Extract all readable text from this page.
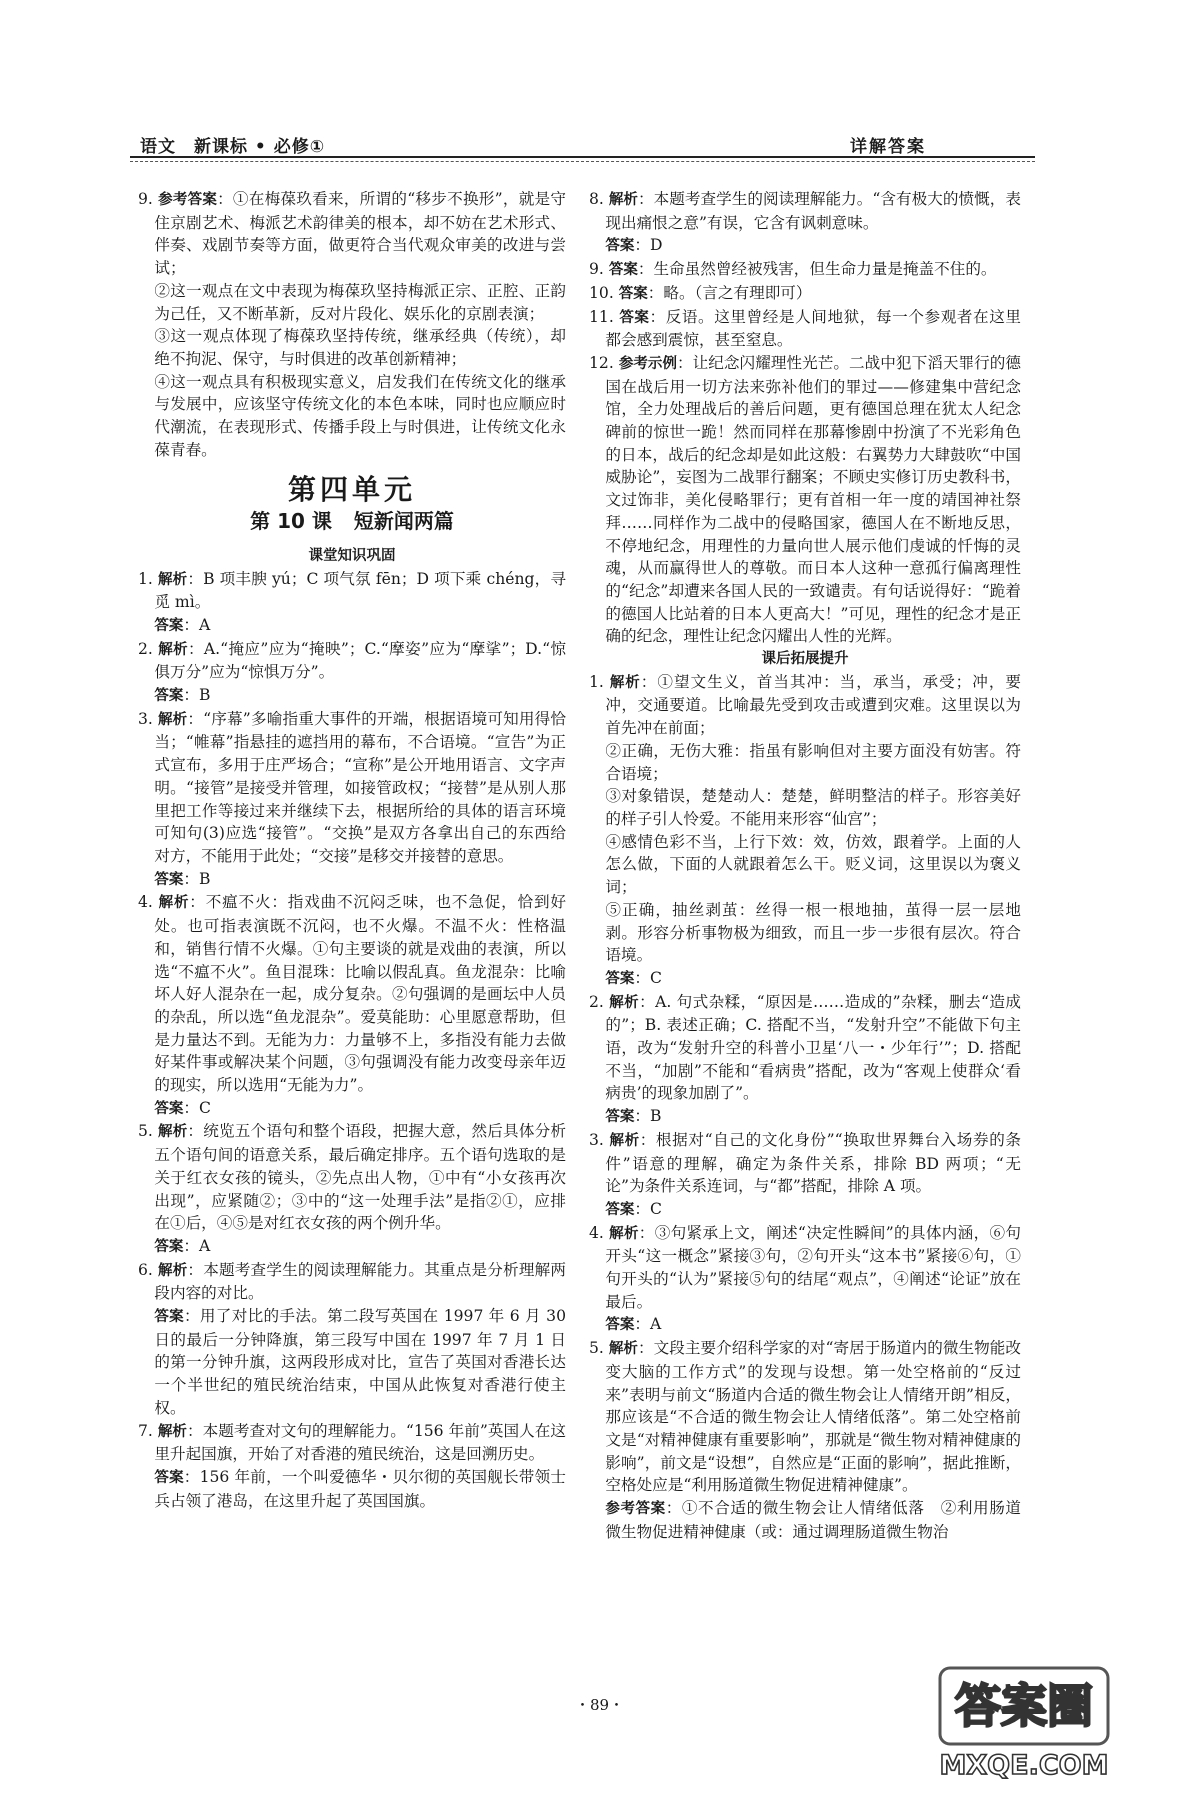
语文　新课标 • 必修①	详解答案

9. 参考答案：①在梅葆玖看来，所谓的“移步不换形”，就是守住京剧艺术、梅派艺术韵律美的根本，却不妨在艺术形式、伴奏、戏剧节奏等方面，做更符合当代观众审美的改进与尝试；

②这一观点在文中表现为梅葆玖坚持梅派正宗、正腔、正韵为己任，又不断革新，反对片段化、娱乐化的京剧表演；

③这一观点体现了梅葆玖坚持传统，继承经典（传统），却绝不拘泥、保守，与时俱进的改革创新精神；

④这一观点具有积极现实意义，启发我们在传统文化的继承与发展中，应该坚守传统文化的本色本味，同时也应顺应时代潮流，在表现形式、传播手段上与时俱进，让传统文化永葆青春。

第四单元
第 10 课 短新闻两篇
课堂知识巩固

1. 解析：B 项丰腴 yú；C 项气氛 fēn；D 项下乘 chéng，寻觅 mì。

答案：A

2. 解析：A.“掩应”应为“掩映”；C.“摩姿”应为“摩挲”；D.“惊俱万分”应为“惊惧万分”。

答案：B

3. 解析：“序幕”多喻指重大事件的开端，根据语境可知用得恰当；“帷幕”指悬挂的遮挡用的幕布，不合语境。“宣告”为正式宣布，多用于庄严场合；“宣称”是公开地用语言、文字声明。“接管”是接受并管理，如接管政权；“接替”是从别人那里把工作等接过来并继续下去，根据所给的具体的语言环境可知句(3)应选“接管”。“交换”是双方各拿出自己的东西给对方，不能用于此处；“交接”是移交并接替的意思。

答案：B

4. 解析：不瘟不火：指戏曲不沉闷乏味，也不急促，恰到好处。也可指表演既不沉闷，也不火爆。不温不火：性格温和，销售行情不火爆。①句主要谈的就是戏曲的表演，所以选“不瘟不火”。鱼目混珠：比喻以假乱真。鱼龙混杂：比喻坏人好人混杂在一起，成分复杂。②句强调的是画坛中人员的杂乱，所以选“鱼龙混杂”。爱莫能助：心里愿意帮助，但是力量达不到。无能为力：力量够不上，多指没有能力去做好某件事或解决某个问题，③句强调没有能力改变母亲年迈的现实，所以选用“无能为力”。

答案：C

5. 解析：统览五个语句和整个语段，把握大意，然后具体分析五个语句间的语意关系，最后确定排序。五个语句选取的是关于红衣女孩的镜头，②先点出人物，①中有“小女孩再次出现”，应紧随②；③中的“这一处理手法”是指②①，应排在①后，④⑤是对红衣女孩的两个例升华。

答案：A

6. 解析：本题考查学生的阅读理解能力。其重点是分析理解两段内容的对比。

答案：用了对比的手法。第二段写英国在 1997 年 6 月 30 日的最后一分钟降旗，第三段写中国在 1997 年 7 月 1 日的第一分钟升旗，这两段形成对比，宣告了英国对香港长达一个半世纪的殖民统治结束，中国从此恢复对香港行使主权。

7. 解析：本题考查对文句的理解能力。“156 年前”英国人在这里升起国旗，开始了对香港的殖民统治，这是回溯历史。

答案：156 年前，一个叫爱德华・贝尔彻的英国舰长带领士兵占领了港岛，在这里升起了英国国旗。

8. 解析：本题考查学生的阅读理解能力。“含有极大的愤慨，表现出痛恨之意”有误，它含有讽刺意味。

答案：D

9. 答案：生命虽然曾经被残害，但生命力量是掩盖不住的。

10. 答案：略。（言之有理即可）

11. 答案：反语。这里曾经是人间地狱，每一个参观者在这里都会感到震惊，甚至窒息。

12. 参考示例：让纪念闪耀理性光芒。二战中犯下滔天罪行的德国在战后用一切方法来弥补他们的罪过——修建集中营纪念馆，全力处理战后的善后问题，更有德国总理在犹太人纪念碑前的惊世一跪！然而同样在那幕惨剧中扮演了不光彩角色的日本，战后的纪念却是如此这般：右翼势力大肆鼓吹“中国威胁论”，妄图为二战罪行翻案；不顾史实修订历史教科书，文过饰非，美化侵略罪行；更有首相一年一度的靖国神社祭拜……同样作为二战中的侵略国家，德国人在不断地反思，不停地纪念，用理性的力量向世人展示他们虔诚的忏悔的灵魂，从而赢得世人的尊敬。而日本人这种一意孤行偏离理性的“纪念”却遭来各国人民的一致谴责。有句话说得好：“跪着的德国人比站着的日本人更高大！”可见，理性的纪念才是正确的纪念，理性让纪念闪耀出人性的光辉。

课后拓展提升

1. 解析：①望文生义，首当其冲：当，承当，承受；冲，要冲，交通要道。比喻最先受到攻击或遭到灾难。这里误以为首先冲在前面；

②正确，无伤大雅：指虽有影响但对主要方面没有妨害。符合语境；

③对象错误，楚楚动人：楚楚，鲜明整洁的样子。形容美好的样子引人怜爱。不能用来形容“仙宫”；

④感情色彩不当，上行下效：效，仿效，跟着学。上面的人怎么做，下面的人就跟着怎么干。贬义词，这里误以为褒义词；

⑤正确，抽丝剥茧：丝得一根一根地抽，茧得一层一层地剥。形容分析事物极为细致，而且一步一步很有层次。符合语境。

答案：C

2. 解析：A. 句式杂糅，“原因是……造成的”杂糅，删去“造成的”；B. 表述正确；C. 搭配不当，“发射升空”不能做下句主语，改为“发射升空的科普小卫星‘八一・少年行’”；D. 搭配不当，“加剧”不能和“看病贵”搭配，改为“客观上使群众‘看病贵’的现象加剧了”。

答案：B

3. 解析：根据对“自己的文化身份”“换取世界舞台入场券的条件”语意的理解，确定为条件关系，排除 BD 两项；“无论”为条件关系连词，与“都”搭配，排除 A 项。

答案：C

4. 解析：③句紧承上文，阐述“决定性瞬间”的具体内涵，⑥句开头“这一概念”紧接③句，②句开头“这本书”紧接⑥句，①句开头的“认为”紧接⑤句的结尾“观点”，④阐述“论证”放在最后。

答案：A

5. 解析：文段主要介绍科学家的对“寄居于肠道内的微生物能改变大脑的工作方式”的发现与设想。第一处空格前的“反过来”表明与前文“肠道内合适的微生物会让人情绪开朗”相反，那应该是“不合适的微生物会让人情绪低落”。第二处空格前文是“对精神健康有重要影响”，那就是“微生物对精神健康的影响”，前文是“设想”，自然应是“正面的影响”，据此推断，空格处应是“利用肠道微生物促进精神健康”。

参考答案：①不合适的微生物会让人情绪低落　②利用肠道微生物促进精神健康（或：通过调理肠道微生物治

・89・	答案圈
MXQE.COM
